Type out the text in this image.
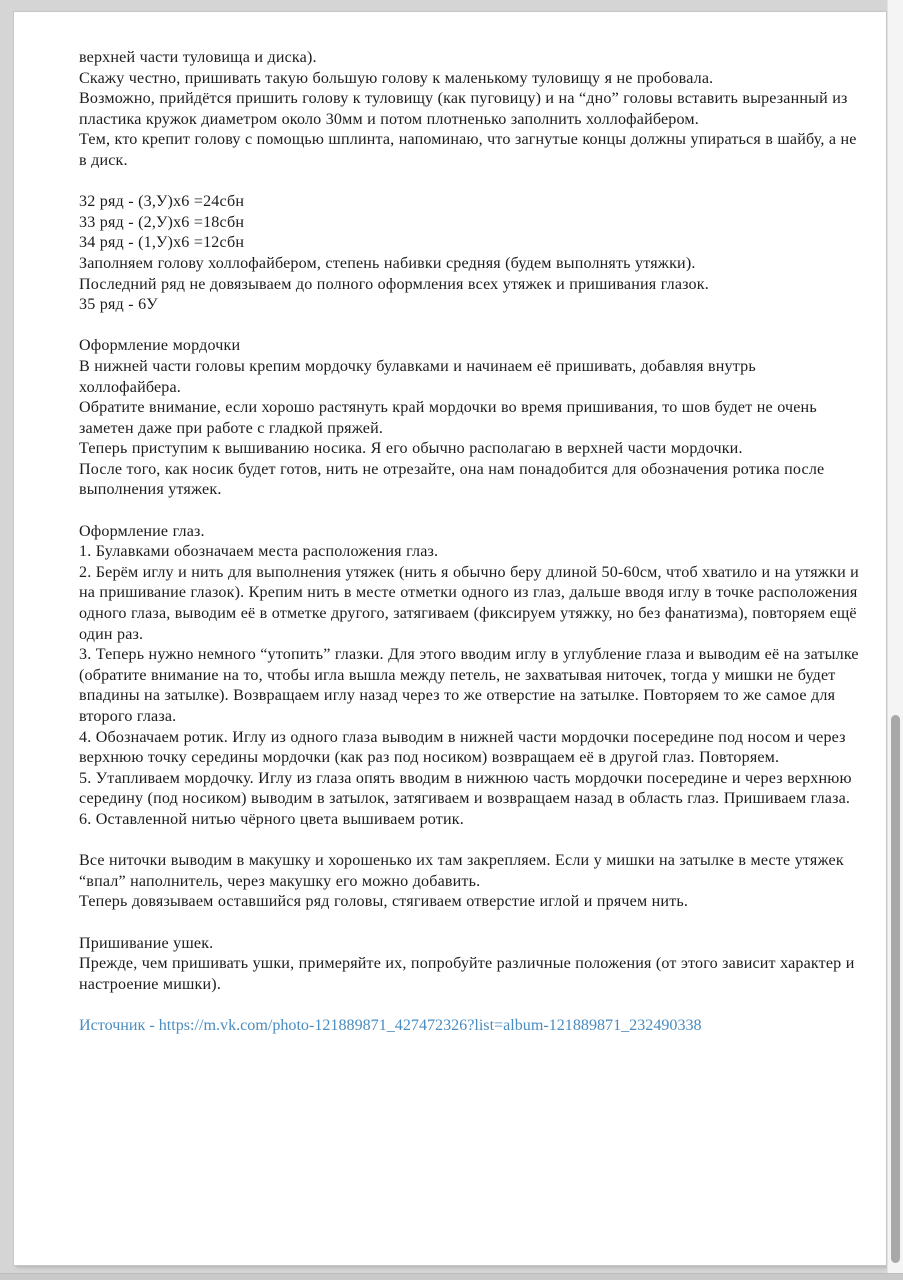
верхней части туловища и диска).

Скажу честно, пришивать такую большую голову к маленькому туловищу я не пробовала.

Возможно, прийдётся пришить голову к туловищу (как пуговицу) и на “дно” головы вставить вырезанный из пластика кружок диаметром около 30мм и потом плотненько заполнить холлофайбером.

Тем, кто крепит голову с помощью шплинта, напоминаю, что загнутые концы должны упираться в шайбу, а не в диск.

32 ряд - (3,У)х6 =24сбн

33 ряд - (2,У)х6 =18сбн

34 ряд - (1,У)х6 =12сбн

Заполняем голову холлофайбером, степень набивки средняя (будем выполнять утяжки).

Последний ряд не довязываем до полного оформления всех утяжек и пришивания глазок.

35 ряд - 6У

Оформление мордочки

В нижней части головы крепим мордочку булавками и начинаем её пришивать, добавляя внутрь холлофайбера.

Обратите внимание, если хорошо растянуть край мордочки во время пришивания, то шов будет не очень заметен даже при работе с гладкой пряжей.

Теперь приступим к вышиванию носика. Я его обычно располагаю в верхней части мордочки.

После того, как носик будет готов, нить не отрезайте, она нам понадобится для обозначения ротика после выполнения утяжек.

Оформление глаз.

1. Булавками обозначаем места расположения глаз.

2. Берём иглу и нить для выполнения утяжек (нить я обычно беру длиной 50-60см, чтоб хватило и на утяжки и на пришивание глазок). Крепим нить в месте отметки одного из глаз, дальше вводя иглу в точке расположения одного глаза, выводим её в отметке другого, затягиваем (фиксируем утяжку, но без фанатизма), повторяем ещё один раз.

3. Теперь нужно немного “утопить” глазки. Для этого вводим иглу в углубление глаза и выводим её на затылке (обратите внимание на то, чтобы игла вышла между петель, не захватывая ниточек, тогда у мишки не будет впадины на затылке). Возвращаем иглу назад через то же отверстие на затылке. Повторяем то же самое для второго глаза.

4. Обозначаем ротик. Иглу из одного глаза выводим в нижней части мордочки посередине под носом и через верхнюю точку середины мордочки (как раз под носиком) возвращаем её в другой глаз. Повторяем.

5. Утапливаем мордочку. Иглу из глаза опять вводим в нижнюю часть мордочки посередине и через верхнюю середину (под носиком) выводим в затылок, затягиваем и возвращаем назад в область глаз. Пришиваем глаза.

6. Оставленной нитью чёрного цвета вышиваем ротик.

Все ниточки выводим в макушку и хорошенько их там закрепляем. Если у мишки на затылке в месте утяжек “впал” наполнитель, через макушку его можно добавить.

Теперь довязываем оставшийся ряд головы, стягиваем отверстие иглой и прячем нить.

Пришивание ушек.

Прежде, чем пришивать ушки, примеряйте их, попробуйте различные положения (от этого зависит характер и настроение мишки).

Источник - https://m.vk.com/photo-121889871_427472326?list=album-121889871_232490338
